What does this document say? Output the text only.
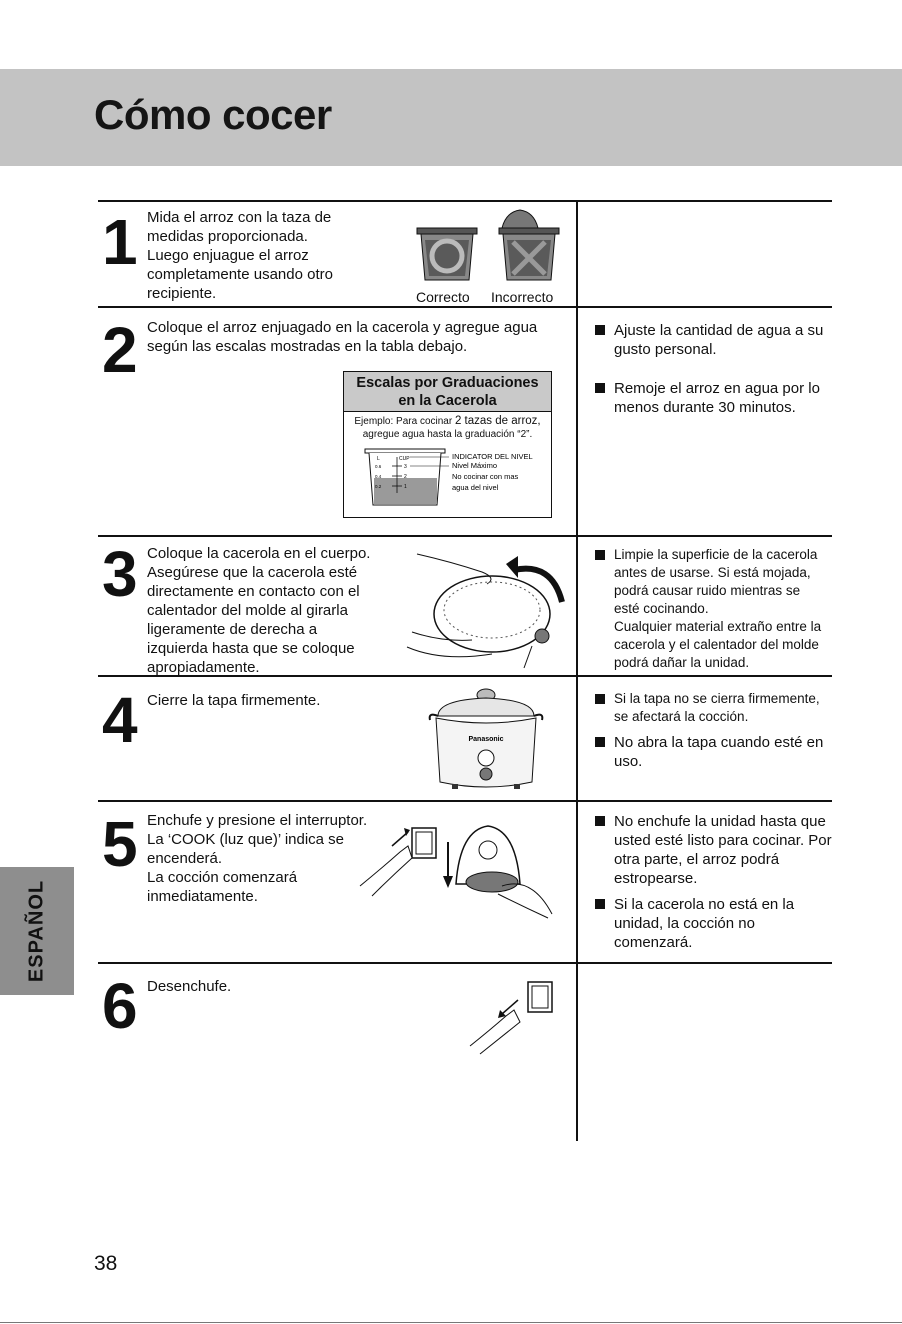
Cómo cocer
ESPAÑOL
1 Mida el arroz con la taza de

medidas proporcionada.

Luego enjuague el arroz

completamente usando otro

recipiente.	Correcto Incorrecto
2 Coloque el arroz enjuagado en la cacerola y agregue agua

según las escalas mostradas en la tabla debajo.

Escalas por Graduaciones
en la Cacerola
Ejemplo: Para cocinar 2 tazas de arroz,
agregue agua hasta la graduación “2”.
L	CUP
0.6
0.4
0.2
3
2
1
INDICATOR DEL NIVEL
Nivel Máximo
No cocinar con mas
agua del nivel
Ajuste la cantidad de agua a su gusto personal.
Remoje el arroz en agua por lo menos durante 30 minutos.
3 Coloque la cacerola en el cuerpo.

Asegúrese que la cacerola esté

directamente en contacto con el

calentador del molde al girarla

ligeramente de derecha a

izquierda hasta que se coloque

apropiadamente.

Limpie la superficie de la cacerola
antes de usarse. Si está mojada,
podrá causar ruido mientras se
esté cocinando.
Cualquier material extraño entre la
cacerola y el calentador del molde
podrá dañar la unidad.
4 Cierre la tapa firmemente.

Panasonic
Si la tapa no se cierra firmemente, se afectará la cocción.
No abra la tapa cuando esté en uso.
5 Enchufe y presione el interruptor.

La ‘COOK (luz que)’ indica se

encenderá.

La cocción comenzará

inmediatamente.

No enchufe la unidad hasta que usted esté listo para cocinar. Por otra parte, el arroz podrá estropearse.
Si la cacerola no está en la unidad, la cocción no comenzará.
6 Desenchufe.

38
